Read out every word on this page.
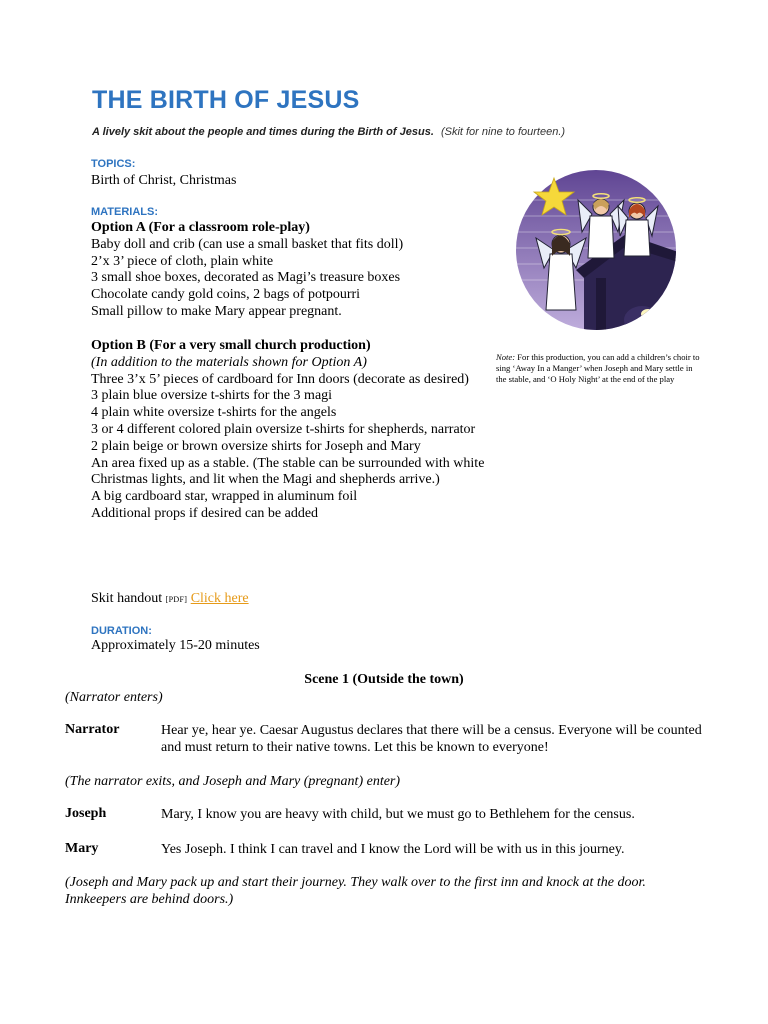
THE BIRTH OF JESUS
A lively skit about the people and times during the Birth of Jesus. (Skit for nine to fourteen.)
TOPICS:
Birth of Christ, Christmas
MATERIALS:
Option A (For a classroom role-play)
Baby doll and crib (can use a small basket that fits doll)
2’x 3’ piece of cloth, plain white
3 small shoe boxes, decorated as Magi’s treasure boxes
Chocolate candy gold coins, 2 bags of potpourri
Small pillow to make Mary appear pregnant.
Option B (For a very small church production)
(In addition to the materials shown for Option A)
Three 3’x 5’ pieces of cardboard for Inn doors (decorate as desired)
3 plain blue oversize t-shirts for the 3 magi
4 plain white oversize t-shirts for the angels
3 or 4 different colored plain oversize t-shirts for shepherds, narrator
2 plain beige or brown oversize shirts for Joseph and Mary
An area fixed up as a stable. (The stable can be surrounded with white Christmas lights, and lit when the Magi and shepherds arrive.)
A big cardboard star, wrapped in aluminum foil
Additional props if desired can be added
Skit handout [PDF] Click here
DURATION:
Approximately 15-20 minutes
Note: For this production, you can add a children’s choir to sing ‘Away In a Manger’ when Joseph and Mary settle in the stable, and ‘O Holy Night’ at the end of the play
Scene 1 (Outside the town)
(Narrator enters)
Narrator	Hear ye, hear ye. Caesar Augustus declares that there will be a census. Everyone will be counted and must return to their native towns. Let this be known to everyone!
(The narrator exits, and Joseph and Mary (pregnant) enter)
Joseph	Mary, I know you are heavy with child, but we must go to Bethlehem for the census.
Mary	Yes Joseph. I think I can travel and I know the Lord will be with us in this journey.
(Joseph and Mary pack up and start their journey. They walk over to the first inn and knock at the door. Innkeepers are behind doors.)
